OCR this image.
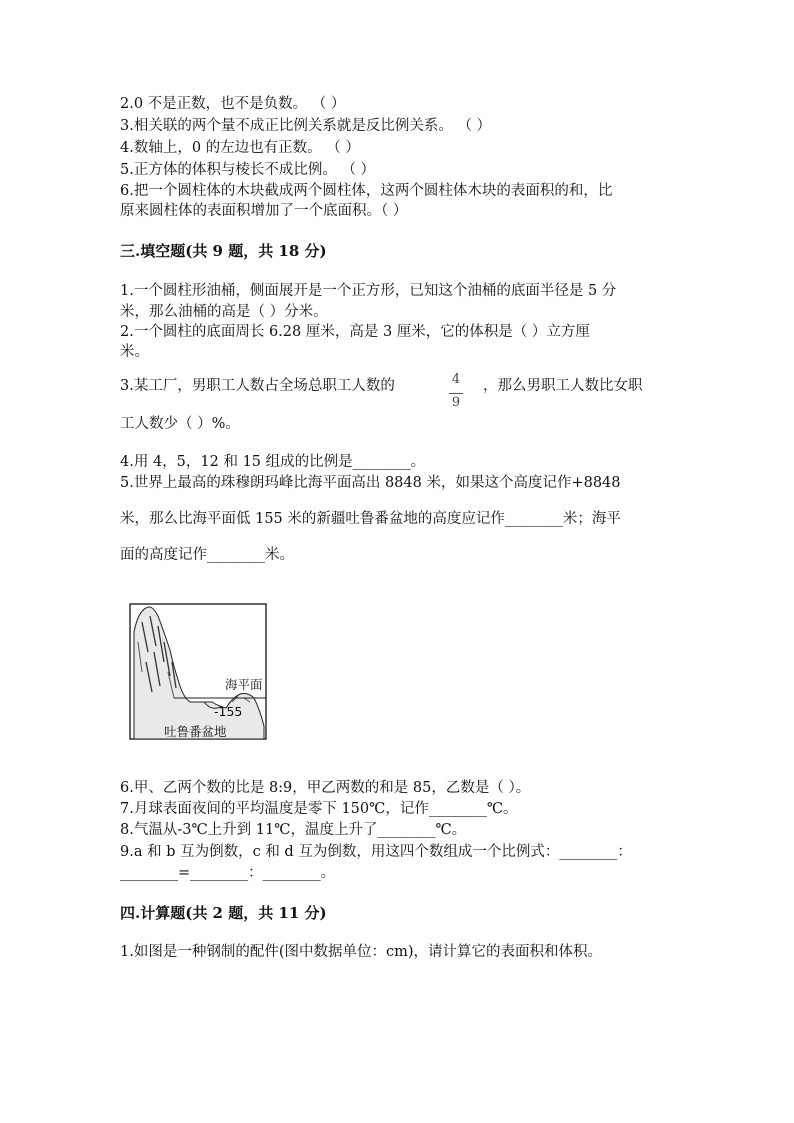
2.0 不是正数，也不是负数。 （ ）
3.相关联的两个量不成正比例关系就是反比例关系。 （ ）
4.数轴上，0 的左边也有正数。 （ ）
5.正方体的体积与棱长不成比例。 （ ）
6.把一个圆柱体的木块截成两个圆柱体，这两个圆柱体木块的表面积的和，比
原来圆柱体的表面积增加了一个底面积。（ ）
三.填空题(共 9 题，共 18 分)
1.一个圆柱形油桶，侧面展开是一个正方形，已知这个油桶的底面半径是 5 分
米，那么油桶的高是（ ）分米。
2.一个圆柱的底面周长 6.28 厘米，高是 3 厘米，它的体积是（ ）立方厘
米。
3.某工厂，男职工人数占全场总职工人数的	4
9
，那么男职工人数比女职
工人数少（ ）%。
4.用 4，5，12 和 15 组成的比例是________。
5.世界上最高的珠穆朗玛峰比海平面高出 8848 米，如果这个高度记作+8848
米，那么比海平面低 155 米的新疆吐鲁番盆地的高度应记作________米；海平
面的高度记作________米。
海平面
-155
吐鲁番盆地
6.甲、乙两个数的比是 8:9，甲乙两数的和是 85，乙数是（ ）。
7.月球表面夜间的平均温度是零下 150℃，记作________℃。
8.气温从-3℃上升到 11℃，温度上升了________℃。
9.a 和 b 互为倒数，c 和 d 互为倒数，用这四个数组成一个比例式：________：
________=________：________。
四.计算题(共 2 题，共 11 分)
1.如图是一种钢制的配件(图中数据单位：cm)，请计算它的表面积和体积。
